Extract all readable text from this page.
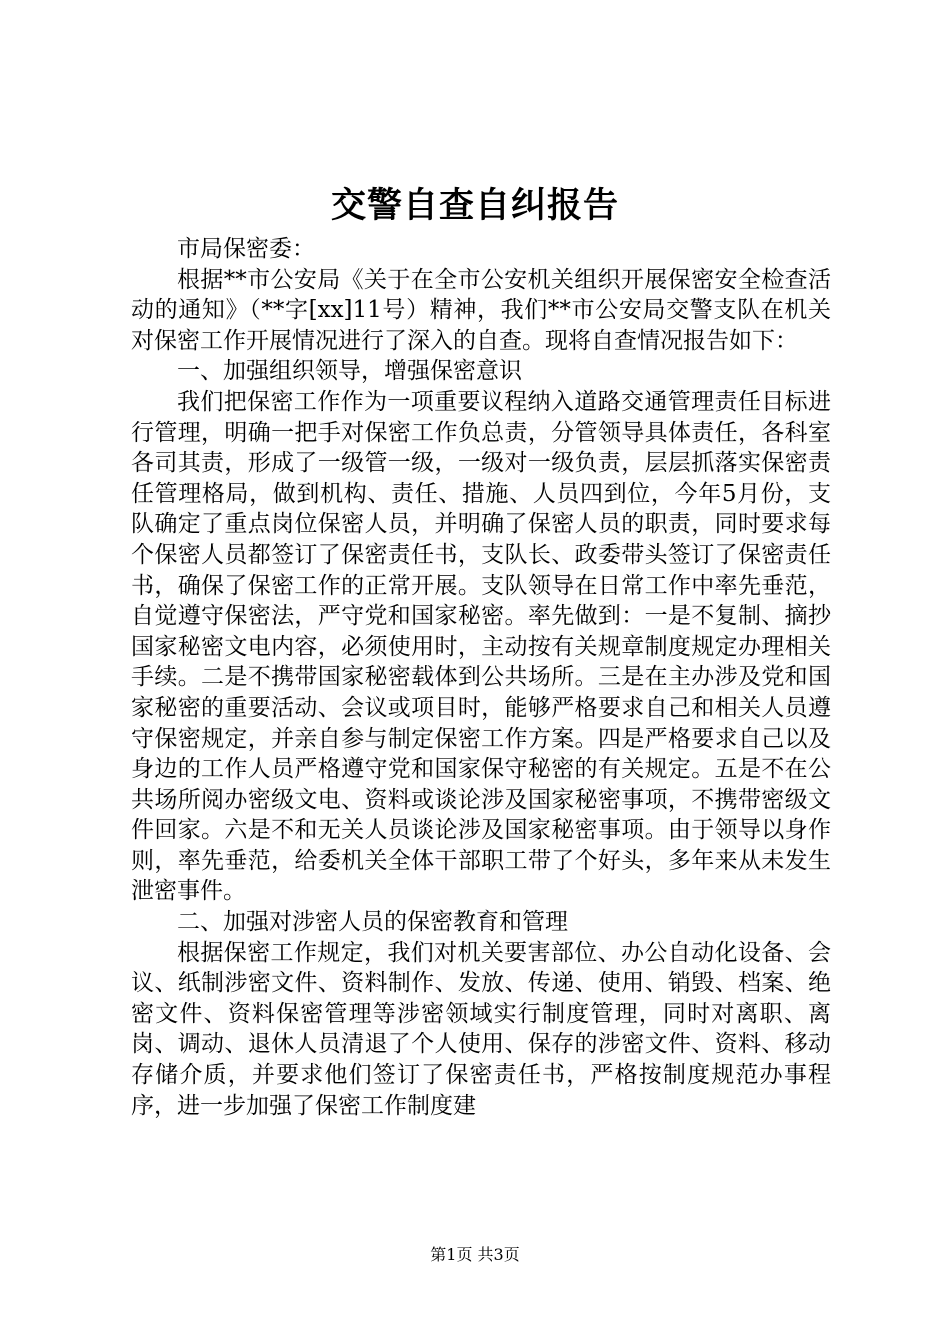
交警自查自纠报告

市局保密委：

根据**市公安局《关于在全市公安机关组织开展保密安全检查活动的通知》（**字[xx]11号）精神，我们**市公安局交警支队在机关对保密工作开展情况进行了深入的自查。现将自查情况报告如下：

一、加强组织领导，增强保密意识

我们把保密工作作为一项重要议程纳入道路交通管理责任目标进行管理，明确一把手对保密工作负总责，分管领导具体责任，各科室各司其责，形成了一级管一级，一级对一级负责，层层抓落实保密责任管理格局，做到机构、责任、措施、人员四到位，今年5月份，支队确定了重点岗位保密人员，并明确了保密人员的职责，同时要求每个保密人员都签订了保密责任书，支队长、政委带头签订了保密责任书，确保了保密工作的正常开展。支队领导在日常工作中率先垂范，自觉遵守保密法，严守党和国家秘密。率先做到：一是不复制、摘抄国家秘密文电内容，必须使用时，主动按有关规章制度规定办理相关手续。二是不携带国家秘密载体到公共场所。三是在主办涉及党和国家秘密的重要活动、会议或项目时，能够严格要求自己和相关人员遵守保密规定，并亲自参与制定保密工作方案。四是严格要求自己以及身边的工作人员严格遵守党和国家保守秘密的有关规定。五是不在公共场所阅办密级文电、资料或谈论涉及国家秘密事项，不携带密级文件回家。六是不和无关人员谈论涉及国家秘密事项。由于领导以身作则，率先垂范，给委机关全体干部职工带了个好头，多年来从未发生泄密事件。

二、加强对涉密人员的保密教育和管理

根据保密工作规定，我们对机关要害部位、办公自动化设备、会议、纸制涉密文件、资料制作、发放、传递、使用、销毁、档案、绝密文件、资料保密管理等涉密领域实行制度管理，同时对离职、离岗、调动、退休人员清退了个人使用、保存的涉密文件、资料、移动存储介质，并要求他们签订了保密责任书，严格按制度规范办事程序，进一步加强了保密工作制度建

第1页 共3页
